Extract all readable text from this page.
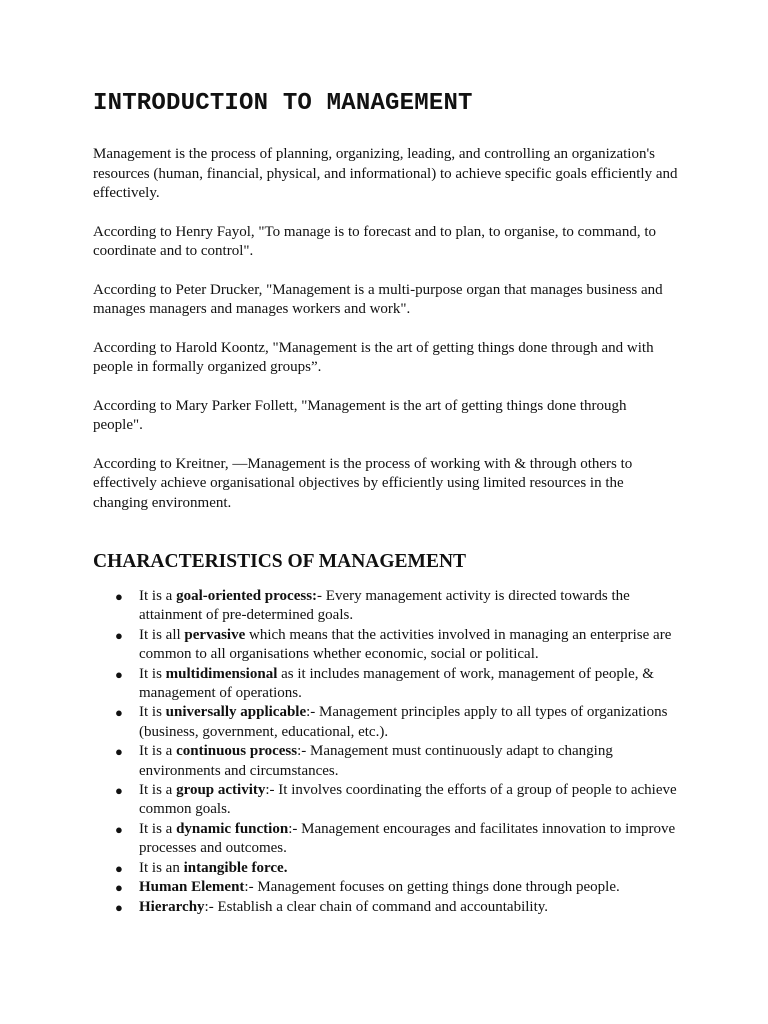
INTRODUCTION TO MANAGEMENT

Management is the process of planning, organizing, leading, and controlling an organization's resources (human, financial, physical, and informational) to achieve specific goals efficiently and effectively.

According to Henry Fayol, "To manage is to forecast and to plan, to organise, to command, to coordinate and to control".

According to Peter Drucker, "Management is a multi-purpose organ that manages business and manages managers and manages workers and work".

According to Harold Koontz, "Management is the art of getting things done through and with people in formally organized groups”.

According to Mary Parker Follett, "Management is the art of getting things done through people".

According to Kreitner, —Management is the process of working with & through others to effectively achieve organisational objectives by efficiently using limited resources in the changing environment.

CHARACTERISTICS OF MANAGEMENT
● It is a goal-oriented process:- Every management activity is directed towards the attainment of pre-determined goals.
● It is all pervasive which means that the activities involved in managing an enterprise are common to all organisations whether economic, social or political.
● It is multidimensional as it includes management of work, management of people, & management of operations.
● It is universally applicable:- Management principles apply to all types of organizations (business, government, educational, etc.).
● It is a continuous process:- Management must continuously adapt to changing environments and circumstances.
● It is a group activity:- It involves coordinating the efforts of a group of people to achieve common goals.
● It is a dynamic function:- Management encourages and facilitates innovation to improve processes and outcomes.
● It is an intangible force.
● Human Element:- Management focuses on getting things done through people.
● Hierarchy:- Establish a clear chain of command and accountability.
